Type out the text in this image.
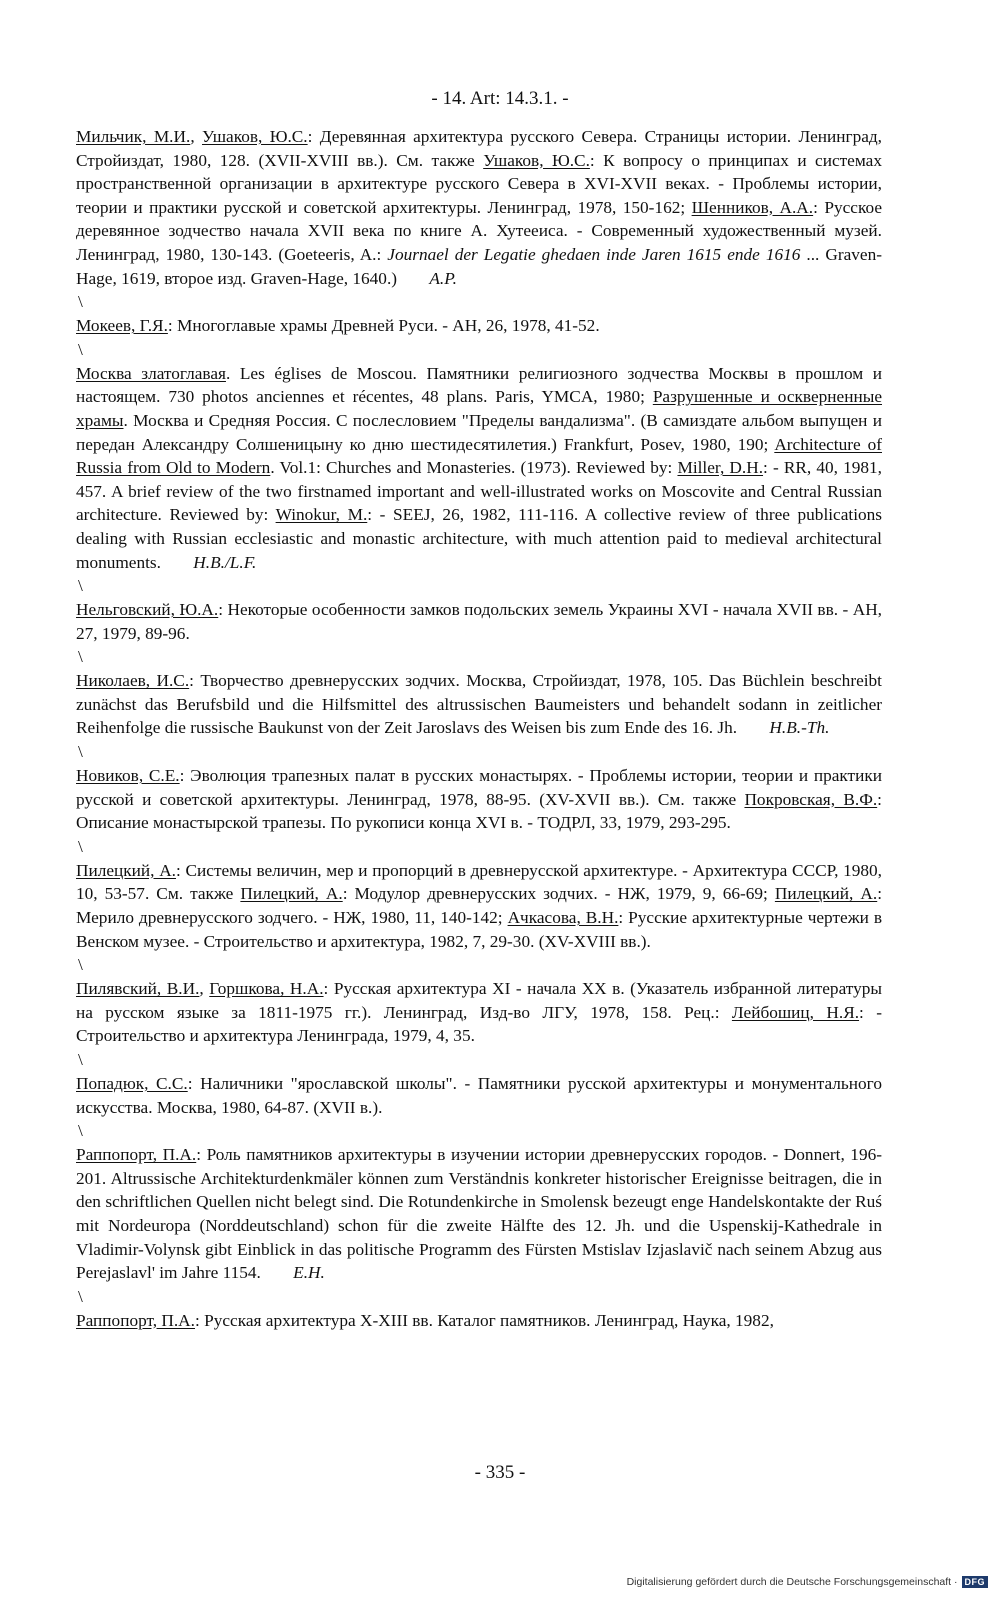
- 14. Art: 14.3.1. -

Мильчик, М.И., Ушаков, Ю.С.: Деревянная архитектура русского Севера. Страницы истории. Ленинград, Стройиздат, 1980, 128. (XVII-XVIII вв.). См. также Ушаков, Ю.С.: К вопросу о принципах и системах пространственной организации в архитектуре русского Севера в XVI-XVII веках. - Проблемы истории, теории и практики русской и советской архитектуры. Ленинград, 1978, 150-162; Шенников, А.А.: Русское деревянное зодчество начала XVII века по книге А. Хутееиса. - Современный художественный музей. Ленинград, 1980, 130-143. (Goeteeris, A.: Journael der Legatie ghedaen inde Jaren 1615 ende 1616 ... Graven-Hage, 1619, второе изд. Graven-Hage, 1640.) A.P.

\

Мокеев, Г.Я.: Многоглавые храмы Древней Руси. - АН, 26, 1978, 41-52.

\

Москва златоглавая. Les églises de Moscou. Памятники религиозного зодчества Москвы в прошлом и настоящем. 730 photos anciennes et récentes, 48 plans. Paris, YMCA, 1980; Разрушенные и оскверненные храмы. Москва и Средняя Россия. С послесловием "Пределы вандализма". (В самиздате альбом выпущен и передан Александру Солшеницыну ко дню шестидесятилетия.) Frankfurt, Posev, 1980, 190; Architecture of Russia from Old to Modern. Vol.1: Churches and Monasteries. (1973). Reviewed by: Miller, D.H.: - RR, 40, 1981, 457. A brief review of the two firstnamed important and well-illustrated works on Moscovite and Central Russian architecture. Reviewed by: Winokur, M.: - SEEJ, 26, 1982, 111-116. A collective review of three publications dealing with Russian ecclesiastic and monastic architecture, with much attention paid to medieval architectural monuments. H.B./L.F.

\

Нельговский, Ю.А.: Некоторые особенности замков подольских земель Украины XVI - начала XVII вв. - АН, 27, 1979, 89-96.

\

Николаев, И.С.: Творчество древнерусских зодчих. Москва, Стройиздат, 1978, 105. Das Büchlein beschreibt zunächst das Berufsbild und die Hilfsmittel des altrussischen Baumeisters und behandelt sodann in zeitlicher Reihenfolge die russische Baukunst von der Zeit Jaroslavs des Weisen bis zum Ende des 16. Jh. H.B.-Th.

\

Новиков, С.Е.: Эволюция трапезных палат в русских монастырях. - Проблемы истории, теории и практики русской и советской архитектуры. Ленинград, 1978, 88-95. (XV-XVII вв.). См. также Покровская, В.Ф.: Описание монастырской трапезы. По рукописи конца XVI в. - ТОДРЛ, 33, 1979, 293-295.

\

Пилецкий, А.: Системы величин, мер и пропорций в древнерусской архитектуре. - Архитектура СССР, 1980, 10, 53-57. См. также Пилецкий, А.: Модулор древнерусских зодчих. - НЖ, 1979, 9, 66-69; Пилецкий, А.: Мерило древнерусского зодчего. - НЖ, 1980, 11, 140-142; Ачкасова, В.Н.: Русские архитектурные чертежи в Венском музее. - Строительство и архитектура, 1982, 7, 29-30. (XV-XVIII вв.).

\

Пилявский, В.И., Горшкова, Н.А.: Русская архитектура XI - начала XX в. (Указатель избранной литературы на русском языке за 1811-1975 гг.). Ленинград, Изд-во ЛГУ, 1978, 158. Рец.: Лейбошиц, Н.Я.: - Строительство и архитектура Ленинграда, 1979, 4, 35.

\

Попадюк, С.С.: Наличники "ярославской школы". - Памятники русской архитектуры и монументального искусства. Москва, 1980, 64-87. (XVII в.).

\

Раппопорт, П.А.: Роль памятников архитектуры в изучении истории древнерусских городов. - Donnert, 196-201. Altrussische Architekturdenkmäler können zum Verständnis konkreter historischer Ereignisse beitragen, die in den schriftlichen Quellen nicht belegt sind. Die Rotundenkirche in Smolensk bezeugt enge Handelskontakte der Ruś mit Nordeuropa (Norddeutschland) schon für die zweite Hälfte des 12. Jh. und die Uspenskij-Kathedrale in Vladimir-Volynsk gibt Einblick in das politische Programm des Fürsten Mstislav Izjaslavič nach seinem Abzug aus Perejaslavl' im Jahre 1154. E.H.

\

Раппопорт, П.А.: Русская архитектура X-XIII вв. Каталог памятников. Ленинград, Наука, 1982,

- 335 -
Digitalisierung gefördert durch die Deutsche Forschungsgemeinschaft · DFG
